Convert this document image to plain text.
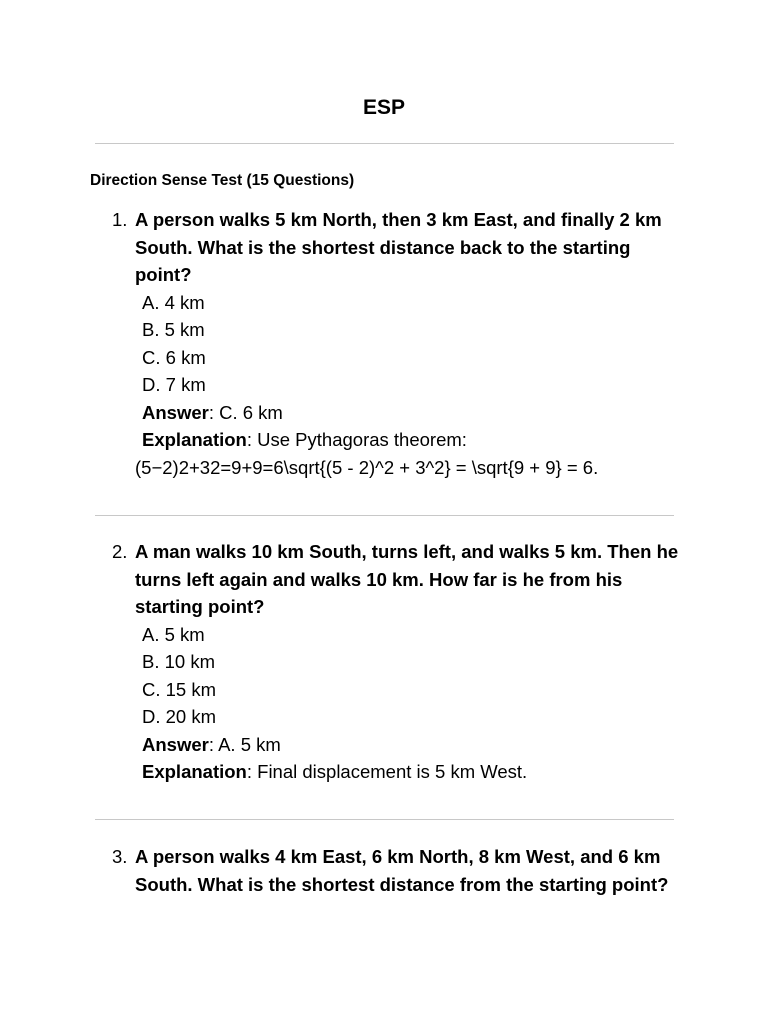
ESP
Direction Sense Test (15 Questions)
1. A person walks 5 km North, then 3 km East, and finally 2 km South. What is the shortest distance back to the starting point?
A. 4 km
B. 5 km
C. 6 km
D. 7 km
Answer: C. 6 km
Explanation: Use Pythagoras theorem:
(5−2)2+32=9+9=6\sqrt{(5 - 2)^2 + 3^2} = \sqrt{9 + 9} = 6.
2. A man walks 10 km South, turns left, and walks 5 km. Then he turns left again and walks 10 km. How far is he from his starting point?
A. 5 km
B. 10 km
C. 15 km
D. 20 km
Answer: A. 5 km
Explanation: Final displacement is 5 km West.
3. A person walks 4 km East, 6 km North, 8 km West, and 6 km South. What is the shortest distance from the starting point?
